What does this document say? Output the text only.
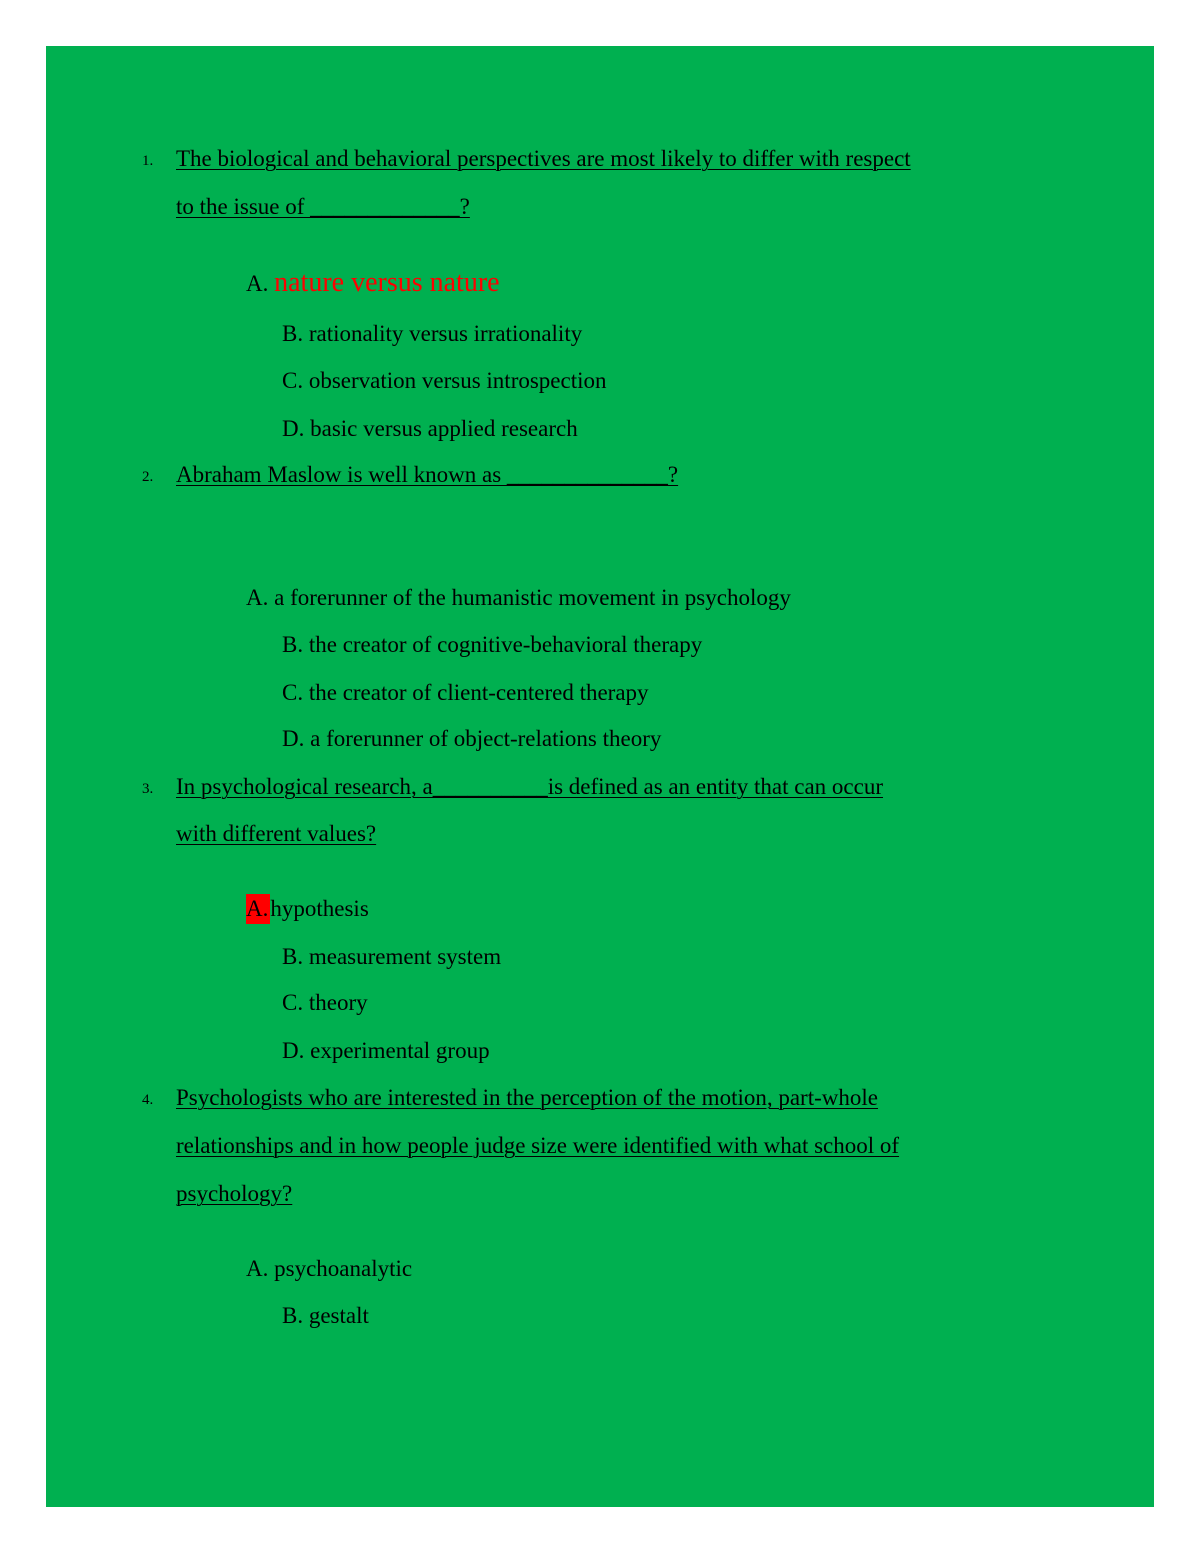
1. The biological and behavioral perspectives are most likely to differ with respect
to the issue of _____________?
A. nature versus nature
B. rationality versus irrationality
C. observation versus introspection
D. basic versus applied research
2. Abraham Maslow is well known as ______________?
A. a forerunner of the humanistic movement in psychology
B. the creator of cognitive-behavioral therapy
C. the creator of client-centered therapy
D. a forerunner of object-relations theory
3. In psychological research, a__________is defined as an entity that can occur
with different values?
A.hypothesis
B. measurement system
C. theory
D. experimental group
4. Psychologists who are interested in the perception of the motion, part-whole
relationships and in how people judge size were identified with what school of
psychology?
A. psychoanalytic
B. gestalt
